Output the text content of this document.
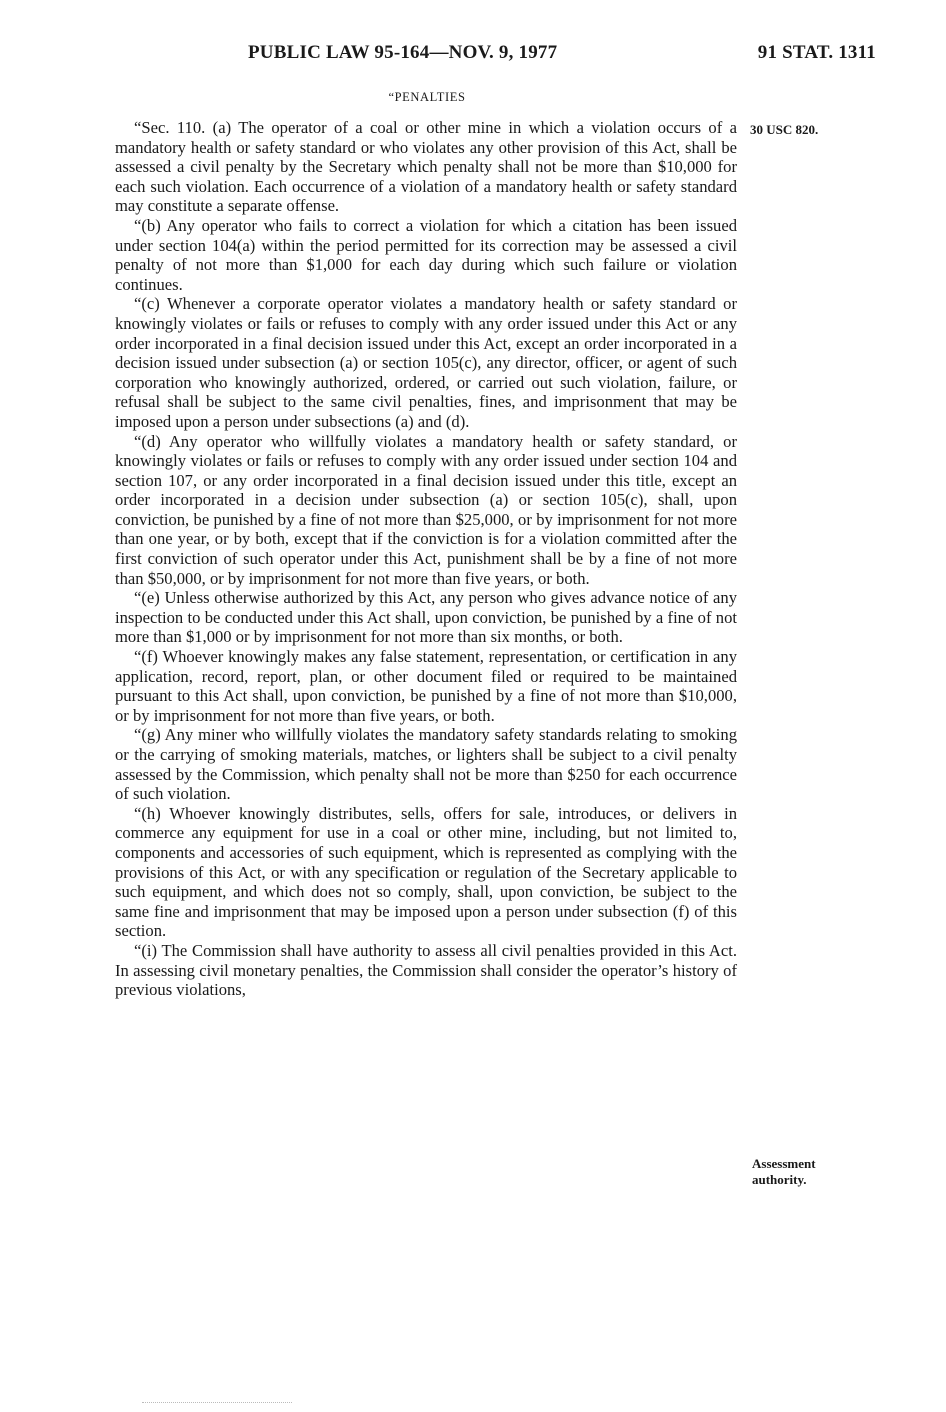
PUBLIC LAW 95-164—NOV. 9, 1977	91 STAT. 1311
“PENALTIES
30 USC 820.
Assessment
authority.

“Sec. 110. (a) The operator of a coal or other mine in which a violation occurs of a mandatory health or safety standard or who violates any other provision of this Act, shall be assessed a civil penalty by the Secretary which penalty shall not be more than $10,000 for each such violation. Each occurrence of a violation of a mandatory health or safety standard may constitute a separate offense.

“(b) Any operator who fails to correct a violation for which a citation has been issued under section 104(a) within the period permitted for its correction may be assessed a civil penalty of not more than $1,000 for each day during which such failure or violation continues.

“(c) Whenever a corporate operator violates a mandatory health or safety standard or knowingly violates or fails or refuses to comply with any order issued under this Act or any order incorporated in a final decision issued under this Act, except an order incorporated in a decision issued under subsection (a) or section 105(c), any director, officer, or agent of such corporation who knowingly authorized, ordered, or carried out such violation, failure, or refusal shall be subject to the same civil penalties, fines, and imprisonment that may be imposed upon a person under subsections (a) and (d).

“(d) Any operator who willfully violates a mandatory health or safety standard, or knowingly violates or fails or refuses to comply with any order issued under section 104 and section 107, or any order incorporated in a final decision issued under this title, except an order incorporated in a decision under subsection (a) or section 105(c), shall, upon conviction, be punished by a fine of not more than $25,000, or by imprisonment for not more than one year, or by both, except that if the conviction is for a violation committed after the first conviction of such operator under this Act, punishment shall be by a fine of not more than $50,000, or by imprisonment for not more than five years, or both.

“(e) Unless otherwise authorized by this Act, any person who gives advance notice of any inspection to be conducted under this Act shall, upon conviction, be punished by a fine of not more than $1,000 or by imprisonment for not more than six months, or both.

“(f) Whoever knowingly makes any false statement, representation, or certification in any application, record, report, plan, or other document filed or required to be maintained pursuant to this Act shall, upon conviction, be punished by a fine of not more than $10,000, or by imprisonment for not more than five years, or both.

“(g) Any miner who willfully violates the mandatory safety standards relating to smoking or the carrying of smoking materials, matches, or lighters shall be subject to a civil penalty assessed by the Commission, which penalty shall not be more than $250 for each occurrence of such violation.

“(h) Whoever knowingly distributes, sells, offers for sale, introduces, or delivers in commerce any equipment for use in a coal or other mine, including, but not limited to, components and accessories of such equipment, which is represented as complying with the provisions of this Act, or with any specification or regulation of the Secretary applicable to such equipment, and which does not so comply, shall, upon conviction, be subject to the same fine and imprisonment that may be imposed upon a person under subsection (f) of this section.

“(i) The Commission shall have authority to assess all civil penalties provided in this Act. In assessing civil monetary penalties, the Commission shall consider the operator’s history of previous violations,
